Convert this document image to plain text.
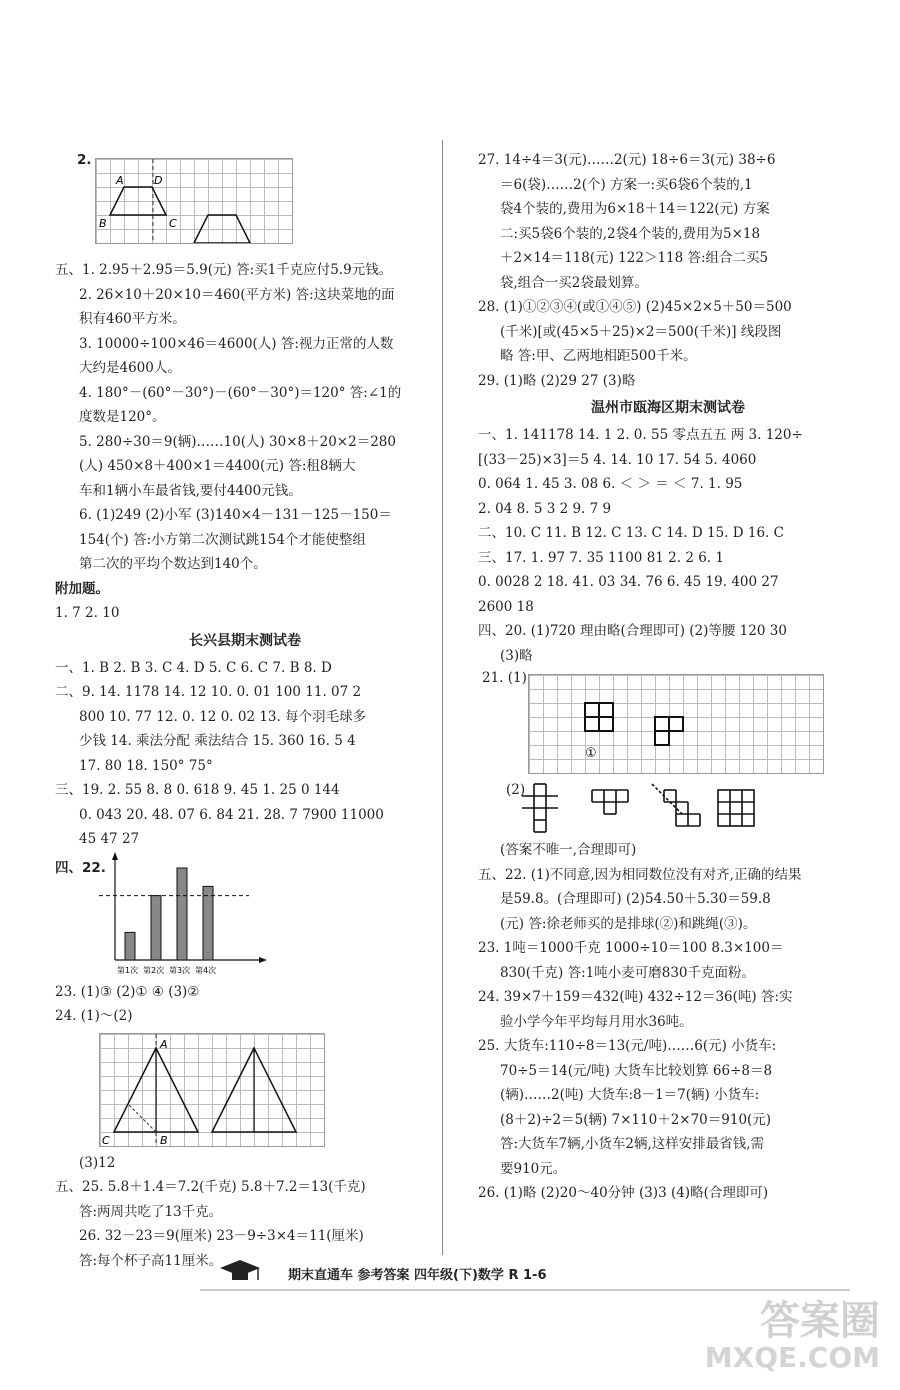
2.
A	D
B	C
五、1. 2.95＋2.95＝5.9(元) 答:买1千克应付5.9元钱。
2. 26×10＋20×10＝460(平方米) 答:这块菜地的面
积有460平方米。
3. 10000÷100×46＝4600(人) 答:视力正常的人数
大约是4600人。
4. 180°－(60°－30°)－(60°－30°)＝120° 答:∠1的
度数是120°。
5. 280÷30＝9(辆)……10(人) 30×8＋20×2＝280
(人) 450×8＋400×1＝4400(元) 答:租8辆大
车和1辆小车最省钱,要付4400元钱。
6. (1)249 (2)小军 (3)140×4－131－125－150＝
154(个) 答:小方第二次测试跳154个才能使整组
第二次的平均个数达到140个。
附加题。
1. 7 2. 10
长兴县期末测试卷
一、1. B 2. B 3. C 4. D 5. C 6. C 7. B 8. D
二、9. 14. 1178 14. 12 10. 0. 01 100 11. 07 2
800 10. 77 12. 0. 12 0. 02 13. 每个羽毛球多
少钱 14. 乘法分配 乘法结合 15. 360 16. 5 4
17. 80 18. 150° 75°
三、19. 2. 55 8. 8 0. 618 9. 45 1. 25 0 144
0. 043 20. 48. 07 6. 84 21. 28. 7 7900 11000
45 47 27
四、22.
第1次 第2次 第3次 第4次
23. (1)③ (2)① ④ (3)②
24. (1)～(2)
A
C	B
(3)12
五、25. 5.8＋1.4＝7.2(千克) 5.8＋7.2＝13(千克)
答:两周共吃了13千克。
26. 32－23＝9(厘米) 23－9÷3×4＝11(厘米)
答:每个杯子高11厘米。
27. 14÷4＝3(元)……2(元) 18÷6＝3(元) 38÷6
＝6(袋)……2(个) 方案一:买6袋6个装的,1
袋4个装的,费用为6×18＋14＝122(元) 方案
二:买5袋6个装的,2袋4个装的,费用为5×18
＋2×14＝118(元) 122＞118 答:组合二买5
袋,组合一买2袋最划算。
28. (1)①②③④(或①④⑤) (2)45×2×5＋50＝500
(千米)[或(45×5＋25)×2＝500(千米)] 线段图
略 答:甲、乙两地相距500千米。
29. (1)略 (2)29 27 (3)略
温州市瓯海区期末测试卷
一、1. 141178 14. 1 2. 0. 55 零点五五 两 3. 120÷
[(33－25)×3]＝5 4. 14. 10 17. 54 5. 4060
0. 064 1. 45 3. 08 6. ＜ ＞ ＝ ＜ 7. 1. 95
2. 04 8. 5 3 2 9. 7 9
二、10. C 11. B 12. C 13. C 14. D 15. D 16. C
三、17. 1. 97 7. 35 1100 81 2. 2 6. 1
0. 0028 2 18. 41. 03 34. 76 6. 45 19. 400 27
2600 18
四、20. (1)720 理由略(合理即可) (2)等腰 120 30
(3)略
21. (1)
①
(2)
(答案不唯一,合理即可)
五、22. (1)不同意,因为相同数位没有对齐,正确的结果
是59.8。(合理即可) (2)54.50＋5.30＝59.8
(元) 答:徐老师买的是排球(②)和跳绳(③)。
23. 1吨＝1000千克 1000÷10＝100 8.3×100＝
830(千克) 答:1吨小麦可磨830千克面粉。
24. 39×7＋159＝432(吨) 432÷12＝36(吨) 答:实
验小学今年平均每月用水36吨。
25. 大货车:110÷8＝13(元/吨)……6(元) 小货车:
70÷5＝14(元/吨) 大货车比较划算 66÷8＝8
(辆)……2(吨) 大货车:8－1＝7(辆) 小货车:
(8＋2)÷2＝5(辆) 7×110＋2×70＝910(元)
答:大货车7辆,小货车2辆,这样安排最省钱,需
要910元。
26. (1)略 (2)20～40分钟 (3)3 (4)略(合理即可)
期末直通车 参考答案 四年级(下)数学 R 1-6
答案圈
MXQE.COM
